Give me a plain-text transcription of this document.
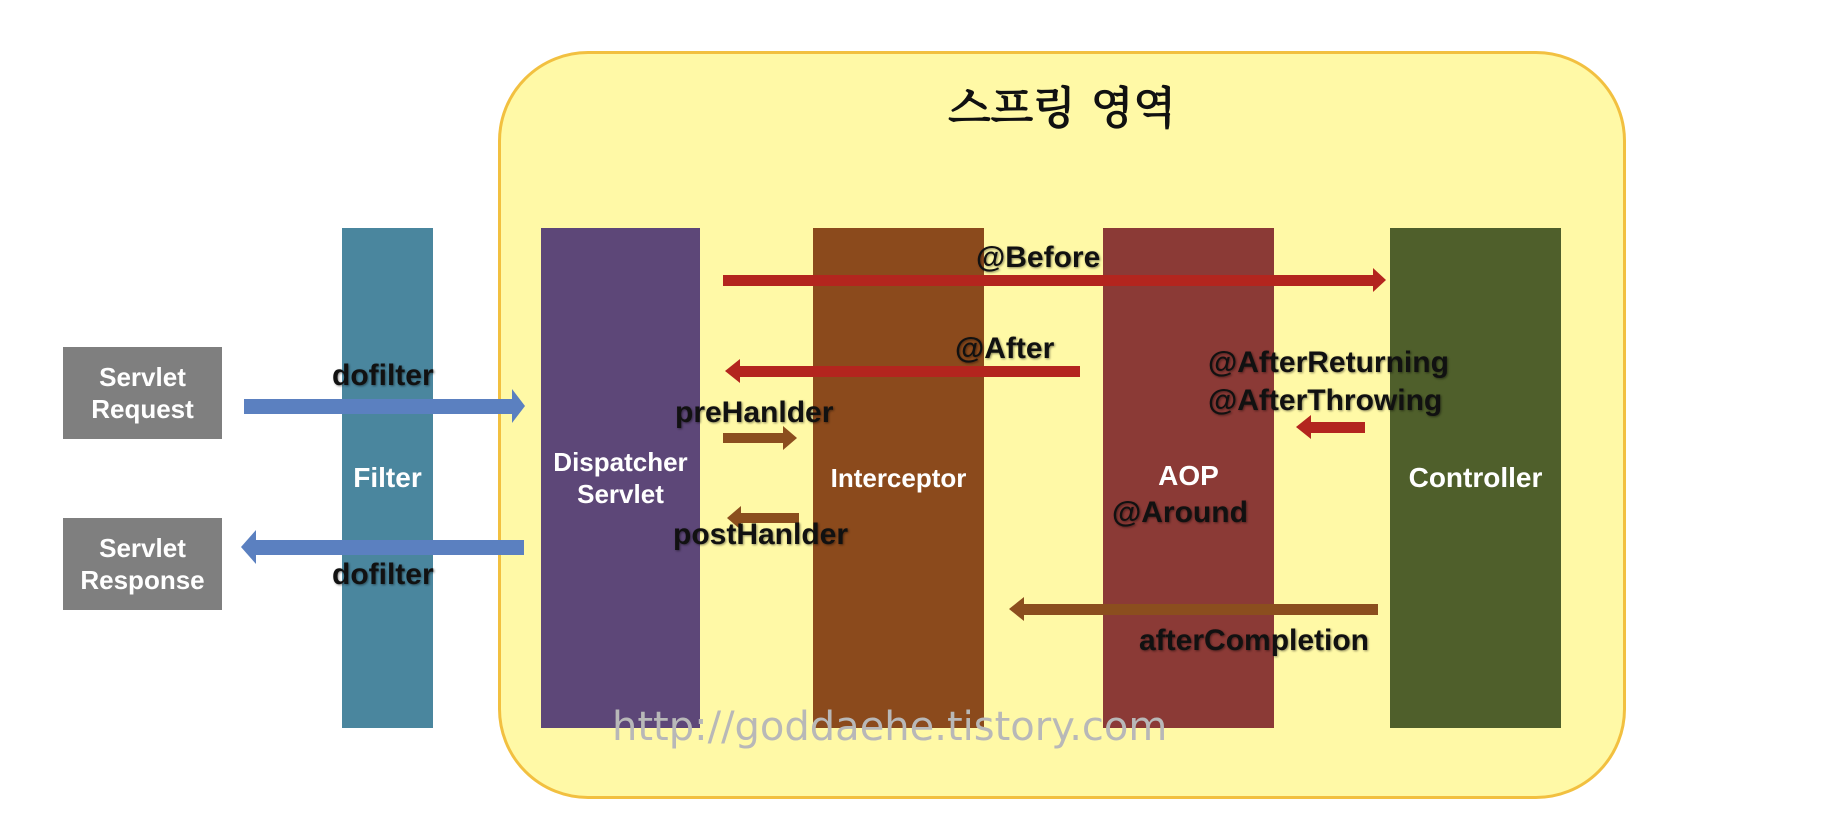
스프링 영역
Filter	Dispatcher
Servlet
Interceptor	AOP	Controller
Servlet
Request
Servlet
Response
dofilter
dofilter
@Before
@After	@AfterReturning
@AfterThrowing
preHanlder
postHanlder
@Around
afterCompletion
http://goddaehe.tistory.com
